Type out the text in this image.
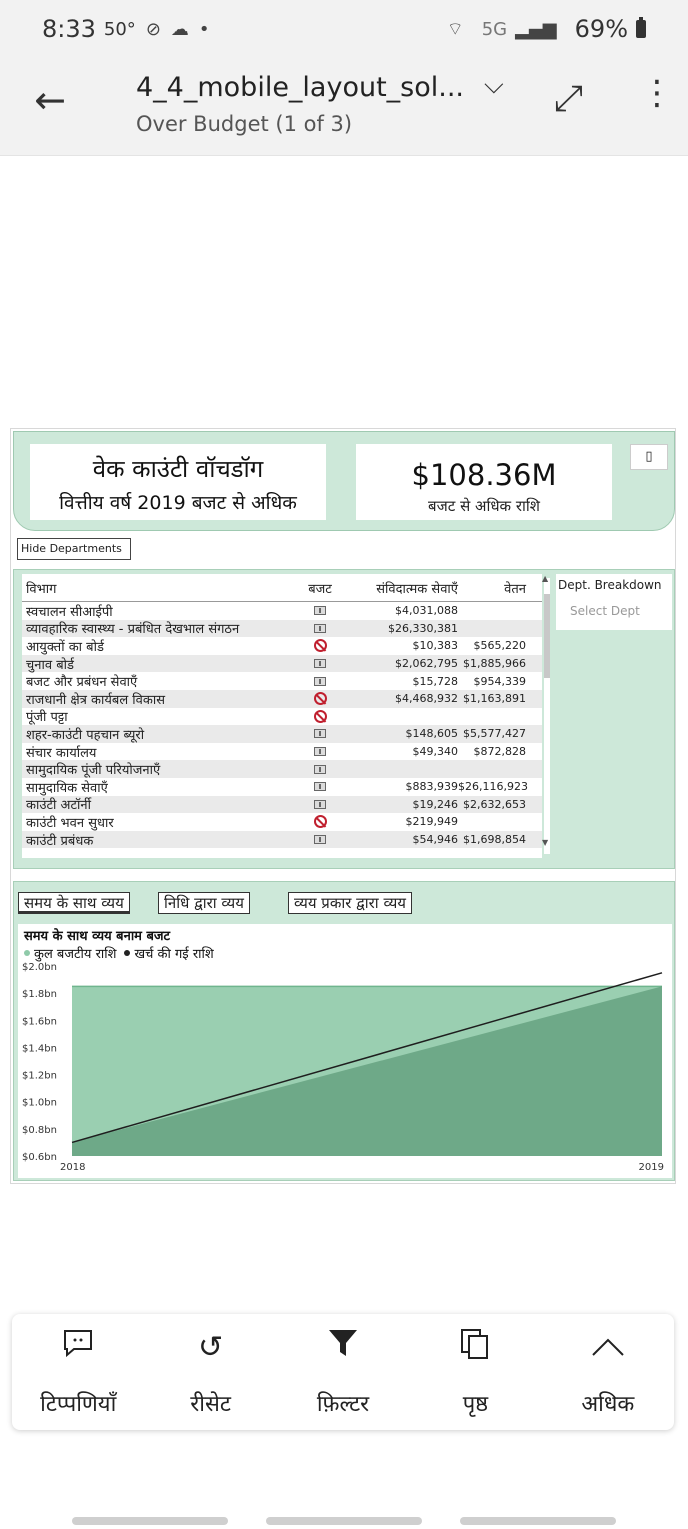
8:33 50° ⊘ ☁ •	⌔ 5G ▂▄▆ 69%
←	4_4_mobile_layout_sol... ⌵
Over Budget (1 of 3)
⤢ ⋮
वेक काउंटी वॉचडॉग
वित्तीय वर्ष 2019 बजट से अधिक
$108.36M
बजट से अधिक राशि
▯
Hide Departments
विभाग	बजट	संविदात्मक सेवाएँ	वेतन
स्वचालन सीआईपी	$4,031,088
व्यावहारिक स्वास्थ्य - प्रबंधित देखभाल संगठन	$26,330,381
आयुक्तों का बोर्ड	$10,383	$565,220
चुनाव बोर्ड	$2,062,795 $1,885,966
बजट और प्रबंधन सेवाएँ	$15,728	$954,339
राजधानी क्षेत्र कार्यबल विकास	$4,468,932 $1,163,891
पूंजी पट्टा
शहर-काउंटी पहचान ब्यूरो	$148,605 $5,577,427
संचार कार्यालय	$49,340	$872,828
सामुदायिक पूंजी परियोजनाएँ
सामुदायिक सेवाएँ	$883,939 $26,116,923
काउंटी अटॉर्नी	$19,246 $2,632,653
काउंटी भवन सुधार	$219,949
काउंटी प्रबंधक	$54,946 $1,698,854
▲
▼
Dept. Breakdown
Select Dept
समय के साथ व्यय	निधि द्वारा व्यय	व्यय प्रकार द्वारा व्यय
समय के साथ व्यय बनाम बजट
कुल बजटीय राशि खर्च की गई राशि
$2.0bn
$1.8bn
$1.6bn
$1.4bn
$1.2bn
$1.0bn
$0.8bn
$0.6bn
2018	2019
टिप्पणियाँ
↺
रीसेट	फ़िल्टर	पृष्ठ	अधिक
